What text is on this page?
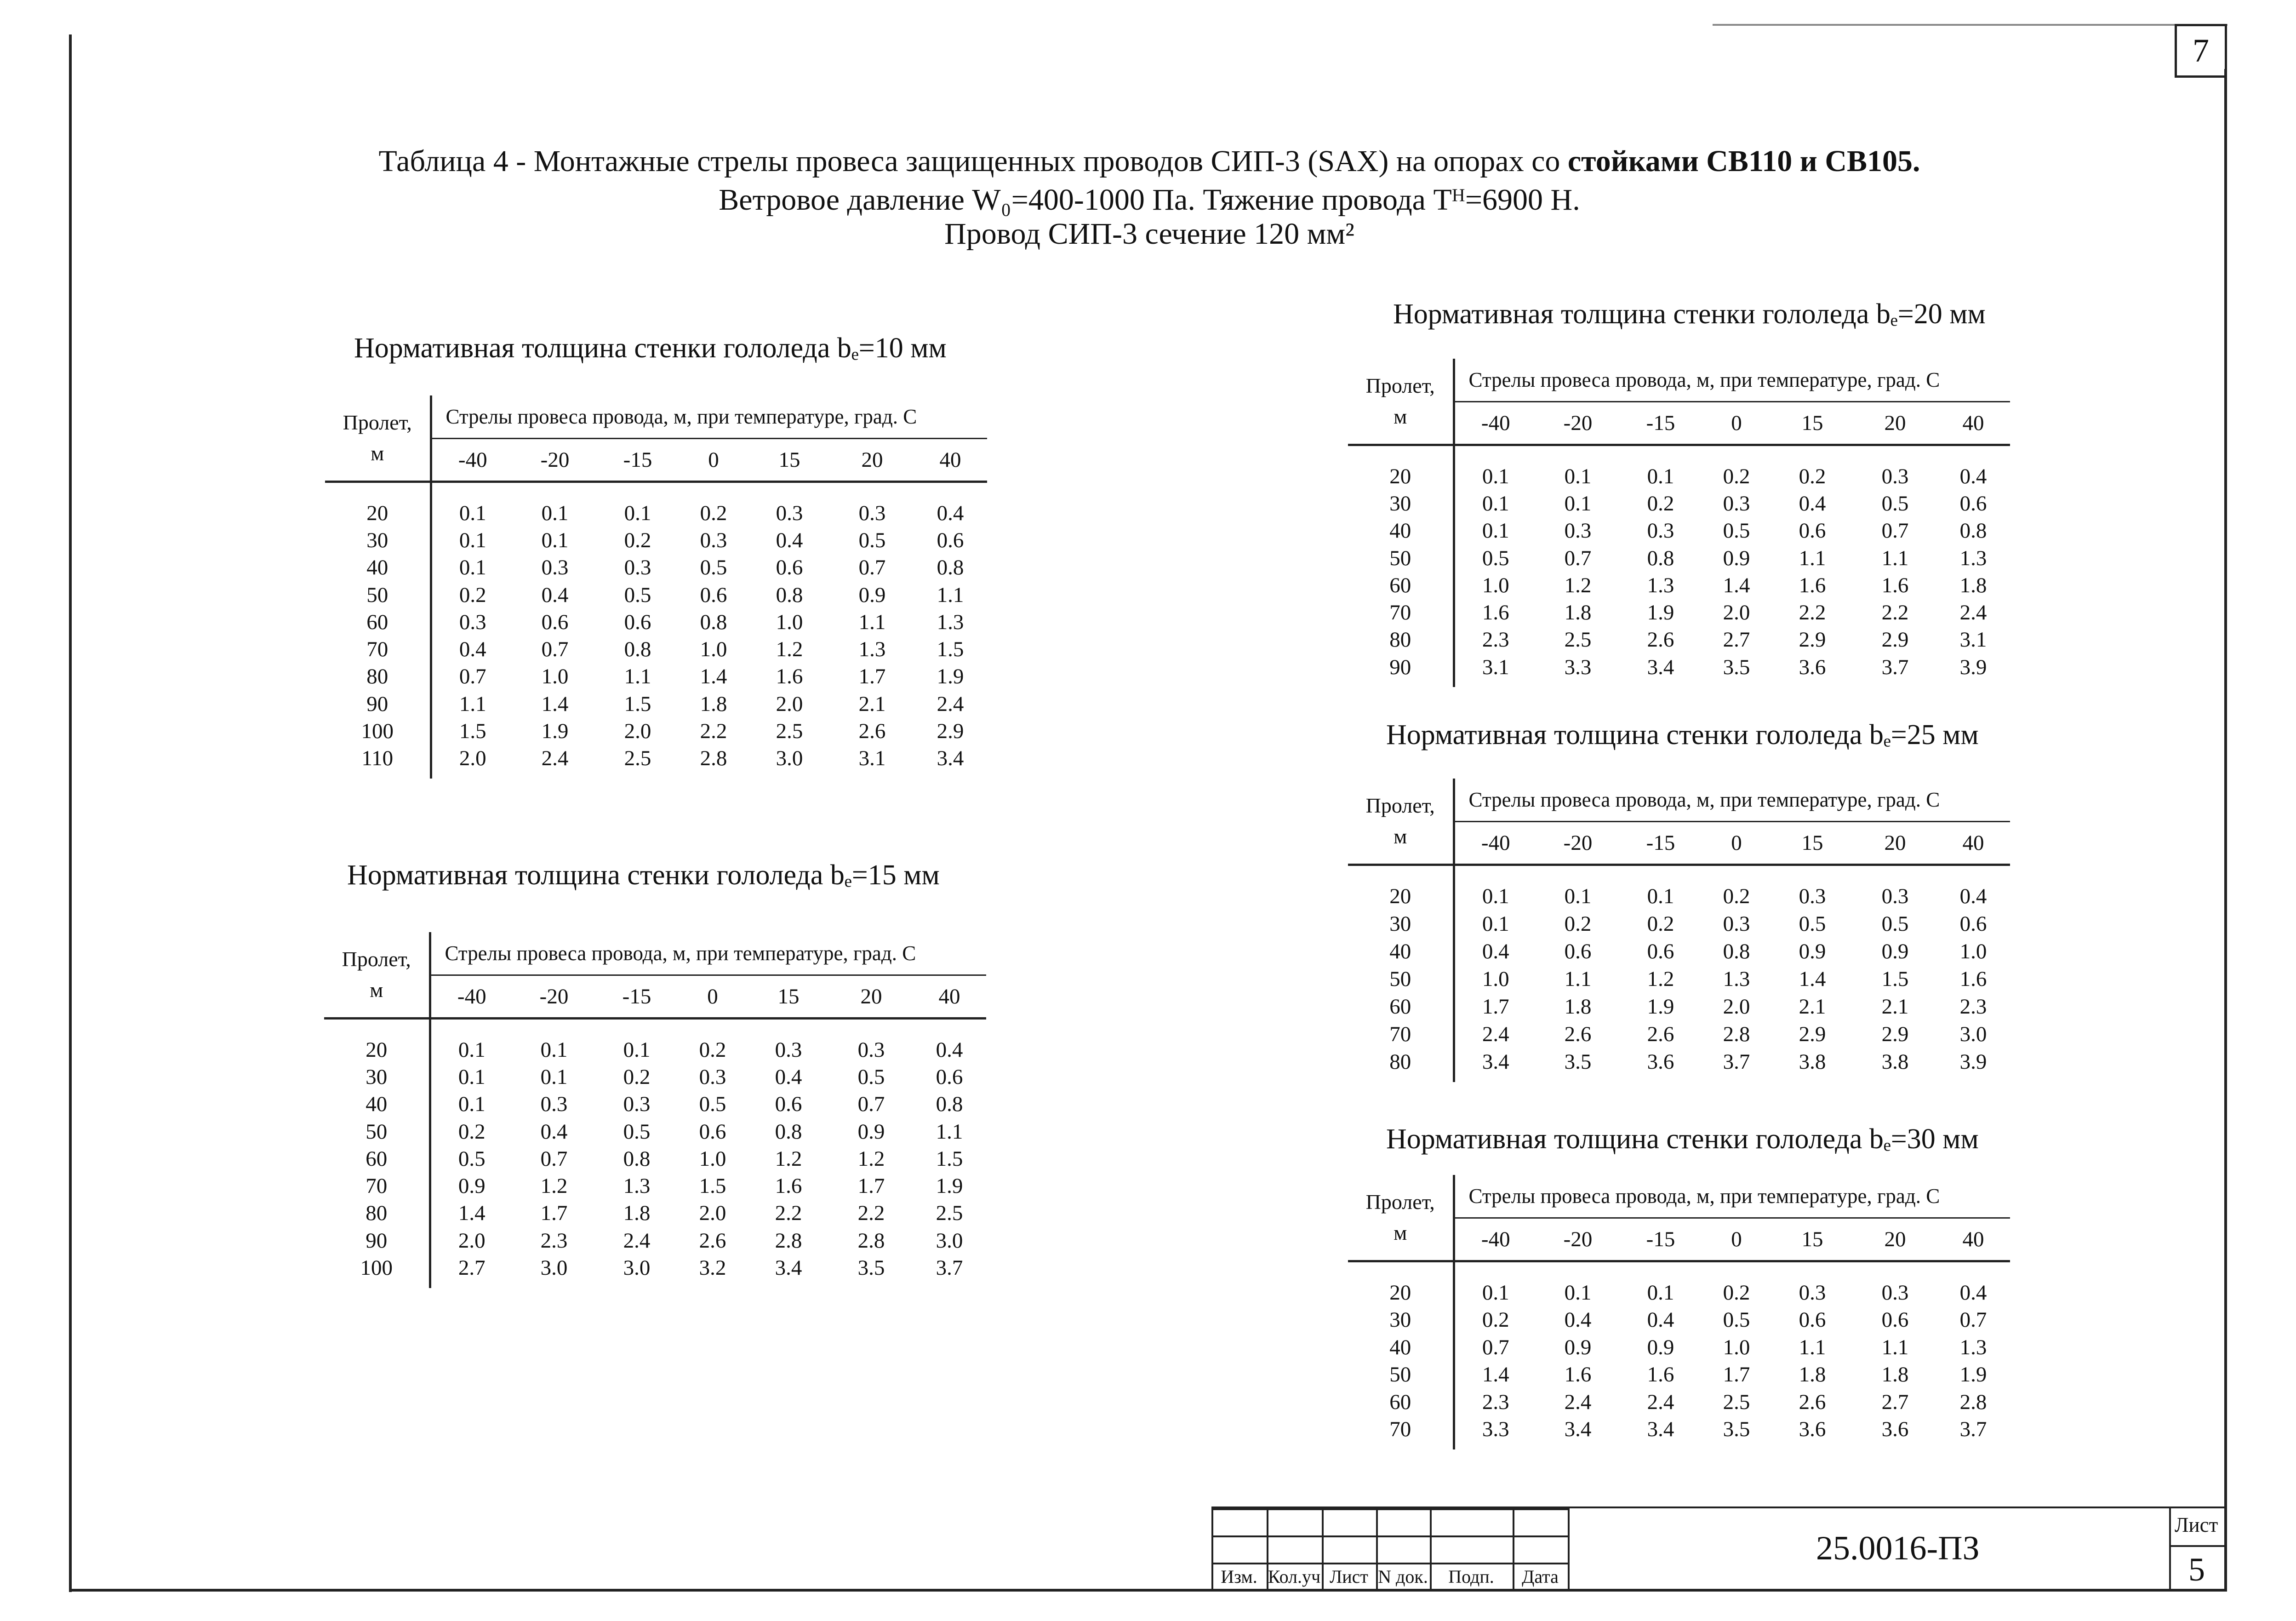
7
Таблица 4 - Монтажные стрелы провеса защищенных проводов СИП-3 (SAX) на опорах со стойками СВ110 и СВ105.
Ветровое давление W₀=400-1000 Па. Тяжение провода Tᴴ=6900 Н.
Провод СИП-3 сечение 120 мм²
Нормативная толщина стенки гололеда bₑ=10 мм
Нормативная толщина стенки гололеда bₑ=15 мм
Нормативная толщина стенки гололеда bₑ=20 мм
Нормативная толщина стенки гололеда bₑ=25 мм
Нормативная толщина стенки гололеда bₑ=30 мм
Пролет,
м	Стрелы провеса провода, м, при температуре, град. С						
	-40	-20	-15	0	15	20	40

20	0.1	0.1	0.1	0.2	0.3	0.3	0.4
30	0.1	0.1	0.2	0.3	0.4	0.5	0.6
40	0.1	0.3	0.3	0.5	0.6	0.7	0.8
50	0.2	0.4	0.5	0.6	0.8	0.9	1.1
60	0.3	0.6	0.6	0.8	1.0	1.1	1.3
70	0.4	0.7	0.8	1.0	1.2	1.3	1.5
80	0.7	1.0	1.1	1.4	1.6	1.7	1.9
90	1.1	1.4	1.5	1.8	2.0	2.1	2.4
100	1.5	1.9	2.0	2.2	2.5	2.6	2.9
110	2.0	2.4	2.5	2.8	3.0	3.1	3.4

Пролет,
м	Стрелы провеса провода, м, при температуре, град. С						
	-40	-20	-15	0	15	20	40

20	0.1	0.1	0.1	0.2	0.3	0.3	0.4
30	0.1	0.1	0.2	0.3	0.4	0.5	0.6
40	0.1	0.3	0.3	0.5	0.6	0.7	0.8
50	0.2	0.4	0.5	0.6	0.8	0.9	1.1
60	0.5	0.7	0.8	1.0	1.2	1.2	1.5
70	0.9	1.2	1.3	1.5	1.6	1.7	1.9
80	1.4	1.7	1.8	2.0	2.2	2.2	2.5
90	2.0	2.3	2.4	2.6	2.8	2.8	3.0
100	2.7	3.0	3.0	3.2	3.4	3.5	3.7

Пролет,
м	Стрелы провеса провода, м, при температуре, град. С						
	-40	-20	-15	0	15	20	40

20	0.1	0.1	0.1	0.2	0.2	0.3	0.4
30	0.1	0.1	0.2	0.3	0.4	0.5	0.6
40	0.1	0.3	0.3	0.5	0.6	0.7	0.8
50	0.5	0.7	0.8	0.9	1.1	1.1	1.3
60	1.0	1.2	1.3	1.4	1.6	1.6	1.8
70	1.6	1.8	1.9	2.0	2.2	2.2	2.4
80	2.3	2.5	2.6	2.7	2.9	2.9	3.1
90	3.1	3.3	3.4	3.5	3.6	3.7	3.9

Пролет,
м	Стрелы провеса провода, м, при температуре, град. С						
	-40	-20	-15	0	15	20	40

20	0.1	0.1	0.1	0.2	0.3	0.3	0.4
30	0.1	0.2	0.2	0.3	0.5	0.5	0.6
40	0.4	0.6	0.6	0.8	0.9	0.9	1.0
50	1.0	1.1	1.2	1.3	1.4	1.5	1.6
60	1.7	1.8	1.9	2.0	2.1	2.1	2.3
70	2.4	2.6	2.6	2.8	2.9	2.9	3.0
80	3.4	3.5	3.6	3.7	3.8	3.8	3.9

Пролет,
м	Стрелы провеса провода, м, при температуре, град. С						
	-40	-20	-15	0	15	20	40

20	0.1	0.1	0.1	0.2	0.3	0.3	0.4
30	0.2	0.4	0.4	0.5	0.6	0.6	0.7
40	0.7	0.9	0.9	1.0	1.1	1.1	1.3
50	1.4	1.6	1.6	1.7	1.8	1.8	1.9
60	2.3	2.4	2.4	2.5	2.6	2.7	2.8
70	3.3	3.4	3.4	3.5	3.6	3.6	3.7

Изм. Кол.уч Лист N док.	Подп.	Дата
25.0016-ПЗ
Лист
5
